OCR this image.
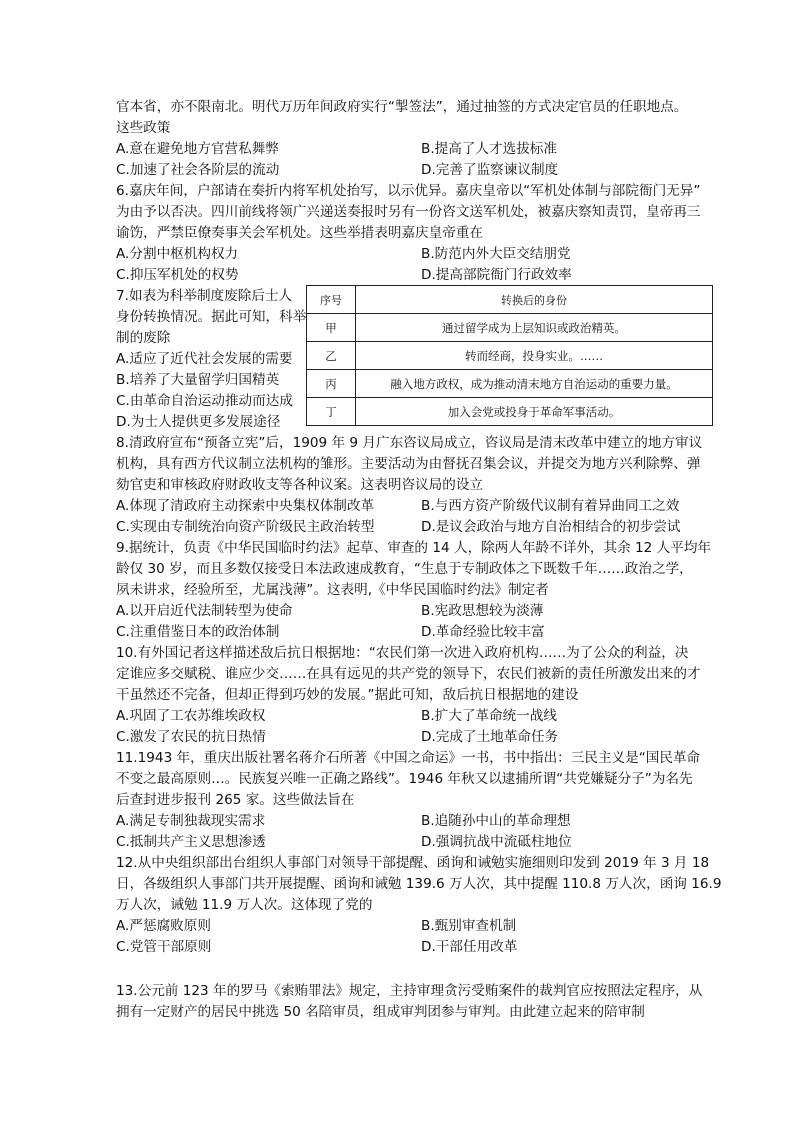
官本省，亦不限南北。明代万历年间政府实行“掣签法”，通过抽签的方式决定官员的任职地点。
这些政策
A.意在避免地方官营私舞弊	B.提高了人才选拔标准
C.加速了社会各阶层的流动	D.完善了监察谏议制度
6.嘉庆年间，户部请在奏折内将军机处抬写，以示优异。嘉庆皇帝以“军机处体制与部院衙门无异”
为由予以否决。四川前线将领广兴递送奏报时另有一份咨文送军机处，被嘉庆察知责罚，皇帝再三
谕饬，严禁臣僚奏事关会军机处。这些举措表明嘉庆皇帝重在
A.分割中枢机构权力	B.防范内外大臣交结朋党
C.抑压军机处的权势	D.提高部院衙门行政效率
7.如表为科举制度废除后士人
身份转换情况。据此可知，科举
制的废除
A.适应了近代社会发展的需要
B.培养了大量留学归国精英
C.由革命自治运动推动而达成
D.为士人提供更多发展途径
序号	转换后的身份
甲	通过留学成为上层知识或政治精英。
乙	转而经商，投身实业。……
丙	融入地方政权，成为推动清末地方自治运动的重要力量。
丁	加入会党或投身于革命军事活动。
8.清政府宣布“预备立宪”后，1909 年 9 月广东咨议局成立，咨议局是清末改革中建立的地方审议
机构，具有西方代议制立法机构的雏形。主要活动为由督抚召集会议，并提交为地方兴利除弊、弹
劾官吏和审核政府财政收支等各种议案。这表明咨议局的设立
A.体现了清政府主动探索中央集权体制改革	B.与西方资产阶级代议制有着异曲同工之效
C.实现由专制统治向资产阶级民主政治转型	D.是议会政治与地方自治相结合的初步尝试
9.据统计，负责《中华民国临时约法》起草、审查的 14 人，除两人年龄不详外，其余 12 人平均年
龄仅 30 岁，而且多数仅接受日本法政速成教育，“生息于专制政体之下既数千年……政治之学，
夙未讲求，经验所至，尤属浅薄”。这表明,《中华民国临时约法》制定者
A.以开启近代法制转型为使命	B.宪政思想较为淡薄
C.注重借鉴日本的政治体制	D.革命经验比较丰富
10.有外国记者这样描述敌后抗日根据地：“农民们第一次进入政府机构……为了公众的利益，决
定谁应多交赋税、谁应少交……在具有远见的共产党的领导下，农民们被新的责任所激发出来的才
干虽然还不完备，但却正得到巧妙的发展。”据此可知，敌后抗日根据地的建设
A.巩固了工农苏维埃政权	B.扩大了革命统一战线
C.激发了农民的抗日热情	D.完成了土地革命任务
11.1943 年，重庆出版社署名蒋介石所著《中国之命运》一书，书中指出：三民主义是“国民革命
不变之最高原则…。民族复兴唯一正确之路线”。1946 年秋又以逮捕所谓“共党嫌疑分子”为名先
后查封进步报刊 265 家。这些做法旨在
A.满足专制独裁现实需求	B.追随孙中山的革命理想
C.抵制共产主义思想渗透	D.强调抗战中流砥柱地位
12.从中央组织部出台组织人事部门对领导干部提醒、函询和诫勉实施细则印发到 2019 年 3 月 18
日，各级组织人事部门共开展提醒、函询和诫勉 139.6 万人次，其中提醒 110.8 万人次，函询 16.9
万人次，诫勉 11.9 万人次。这体现了党的
A.严惩腐败原则	B.甄别审查机制
C.党管干部原则	D.干部任用改革
13.公元前 123 年的罗马《索贿罪法》规定，主持审理贪污受贿案件的裁判官应按照法定程序，从
拥有一定财产的居民中挑选 50 名陪审员，组成审判团参与审判。由此建立起来的陪审制
